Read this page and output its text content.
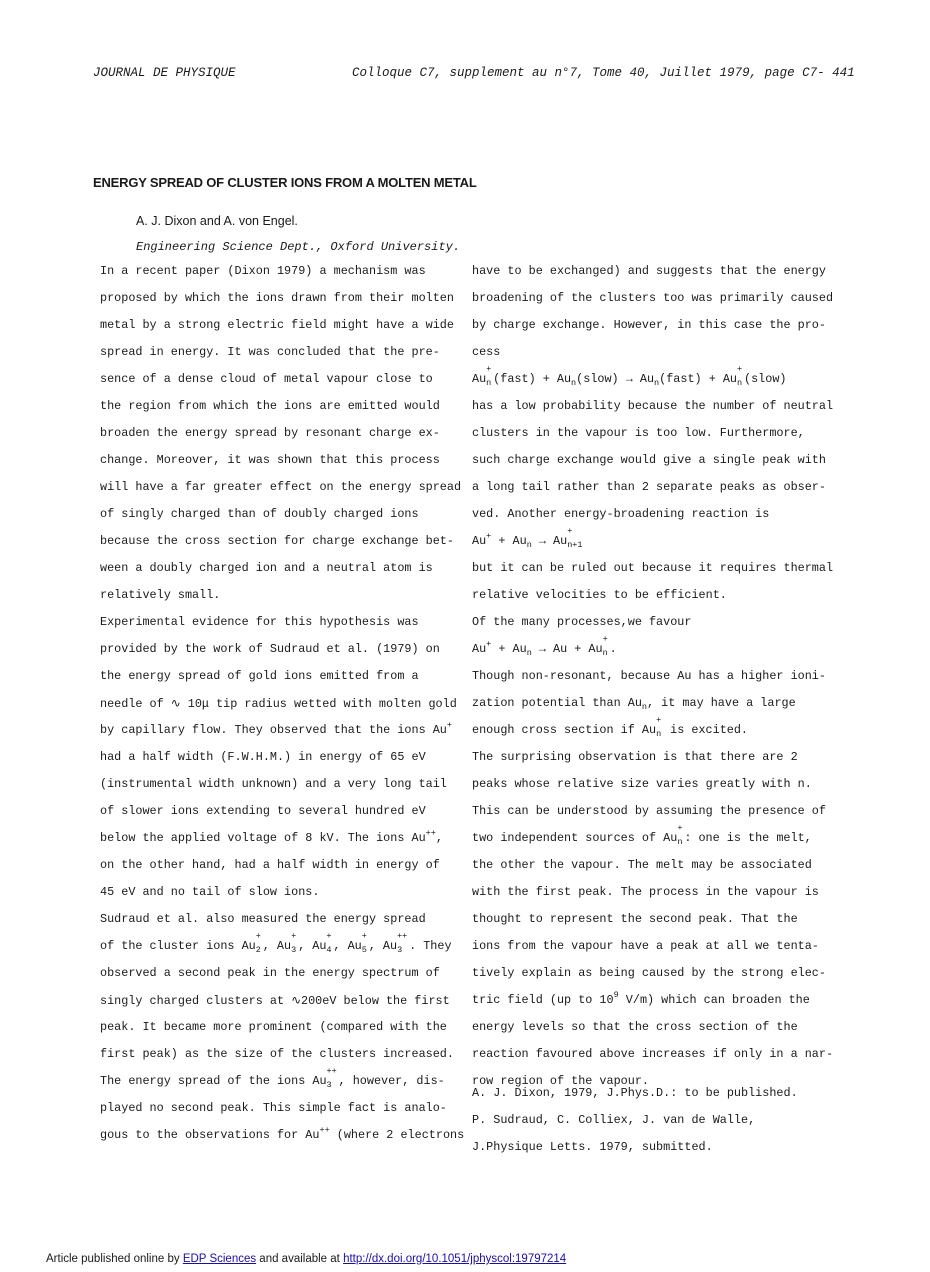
JOURNAL DE PHYSIQUE	Colloque C7, supplement au n°7, Tome 40, Juillet 1979, page C7- 441
ENERGY SPREAD OF CLUSTER IONS FROM A MOLTEN METAL
A. J. Dixon and A. von Engel.
Engineering Science Dept., Oxford University.
In a recent paper (Dixon 1979) a mechanism was
proposed by which the ions drawn from their molten
metal by a strong electric field might have a wide
spread in energy. It was concluded that the pre-
sence of a dense cloud of metal vapour close to
the region from which the ions are emitted would
broaden the energy spread by resonant charge ex-
change. Moreover, it was shown that this process
will have a far greater effect on the energy spread
of singly charged than of doubly charged ions
because the cross section for charge exchange bet-
ween a doubly charged ion and a neutral atom is
relatively small.
Experimental evidence for this hypothesis was
provided by the work of Sudraud et al. (1979) on
the energy spread of gold ions emitted from a
needle of ∿ 10μ tip radius wetted with molten gold
by capillary flow. They observed that the ions Au+
had a half width (F.W.H.M.) in energy of 65 eV
(instrumental width unknown) and a very long tail
of slower ions extending to several hundred eV
below the applied voltage of 8 kV. The ions Au++,
on the other hand, had a half width in energy of
45 eV and no tail of slow ions.
Sudraud et al. also measured the energy spread
of the cluster ions Au
+
2 , Au
+
3 , Au
+
4 , Au
+
5 , Au
++
3 . They
observed a second peak in the energy spectrum of
singly charged clusters at ∿200eV below the first
peak. It became more prominent (compared with the
first peak) as the size of the clusters increased.
The energy spread of the ions Au
++
3 , however, dis-
played no second peak. This simple fact is analo-
gous to the observations for Au++ (where 2 electrons
have to be exchanged) and suggests that the energy
broadening of the clusters too was primarily caused
by charge exchange. However, in this case the pro-
cess
Au
+
n (fast) + $Au_n(slow)$ → $Au_n(fast) + Au$
+
n (slow)
has a low probability because the number of neutral
clusters in the vapour is too low. Furthermore,
such charge exchange would give a single peak with
a long tail rather than 2 separate peaks as obser-
ved. Another energy-broadening reaction is
$Au^+ + Au_n \to Au$
+
n+1
but it can be ruled out because it requires thermal
relative velocities to be efficient.
Of the many processes,we favour
$Au^+ + Au_n \to Au + Au$
+
n .
Though non-resonant, because Au has a higher ioni-
zation potential than $Au_n$, it may have a large
enough cross section if Au
+
n is excited.
The surprising observation is that there are 2
peaks whose relative size varies greatly with n.
This can be understood by assuming the presence of
two independent sources of Au
+
n : one is the melt,
the other the vapour. The melt may be associated
with the first peak. The process in the vapour is
thought to represent the second peak. That the
ions from the vapour have a peak at all we tenta-
tively explain as being caused by the strong elec-
tric field (up to $10^9$ V/m) which can broaden the
energy levels so that the cross section of the
reaction favoured above increases if only in a nar-
row region of the vapour.
A. J. Dixon, 1979, J.Phys.D.: to be published.
P. Sudraud, C. Colliex, J. van de Walle,
J.Physique Letts. 1979, submitted.
Article published online by EDP Sciences and available at http://dx.doi.org/10.1051/jphyscol:19797214
